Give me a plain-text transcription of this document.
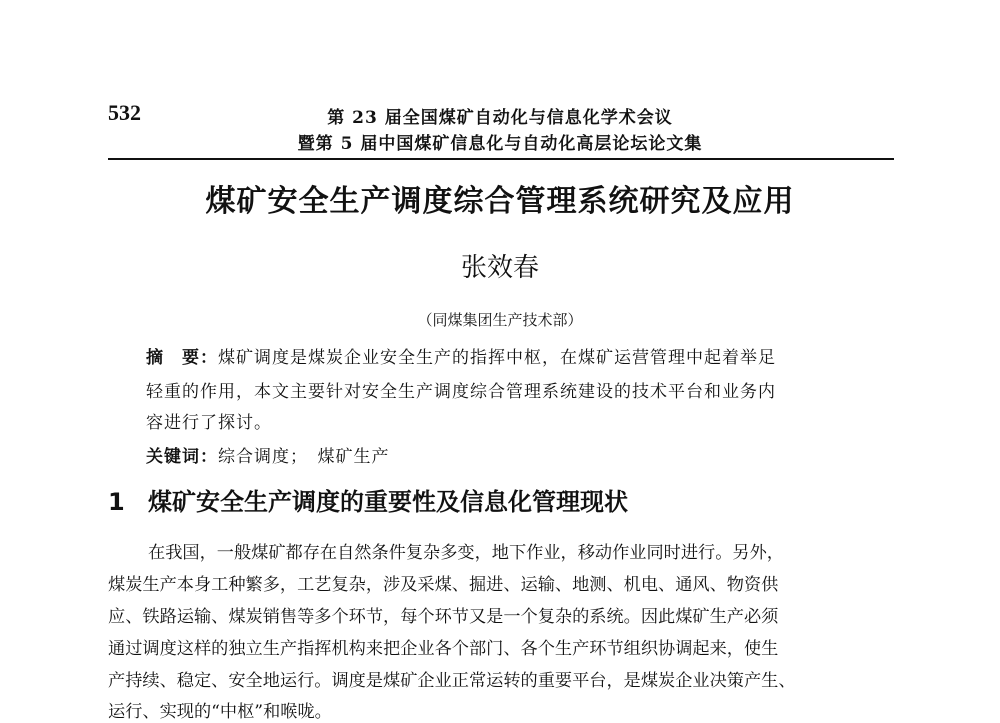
532	第 23 届全国煤矿自动化与信息化学术会议
暨第 5 届中国煤矿信息化与自动化高层论坛论文集
煤矿安全生产调度综合管理系统研究及应用
张效春
（同煤集团生产技术部）
摘　要：煤矿调度是煤炭企业安全生产的指挥中枢，在煤矿运营管理中起着举足
轻重的作用，本文主要针对安全生产调度综合管理系统建设的技术平台和业务内
容进行了探讨。
关键词：综合调度；　煤矿生产
1 煤矿安全生产调度的重要性及信息化管理现状
在我国，一般煤矿都存在自然条件复杂多变，地下作业，移动作业同时进行。另外，
煤炭生产本身工种繁多，工艺复杂，涉及采煤、掘进、运输、地测、机电、通风、物资供
应、铁路运输、煤炭销售等多个环节，每个环节又是一个复杂的系统。因此煤矿生产必须
通过调度这样的独立生产指挥机构来把企业各个部门、各个生产环节组织协调起来，使生
产持续、稳定、安全地运行。调度是煤矿企业正常运转的重要平台，是煤炭企业决策产生、
运行、实现的“中枢”和喉咙。
